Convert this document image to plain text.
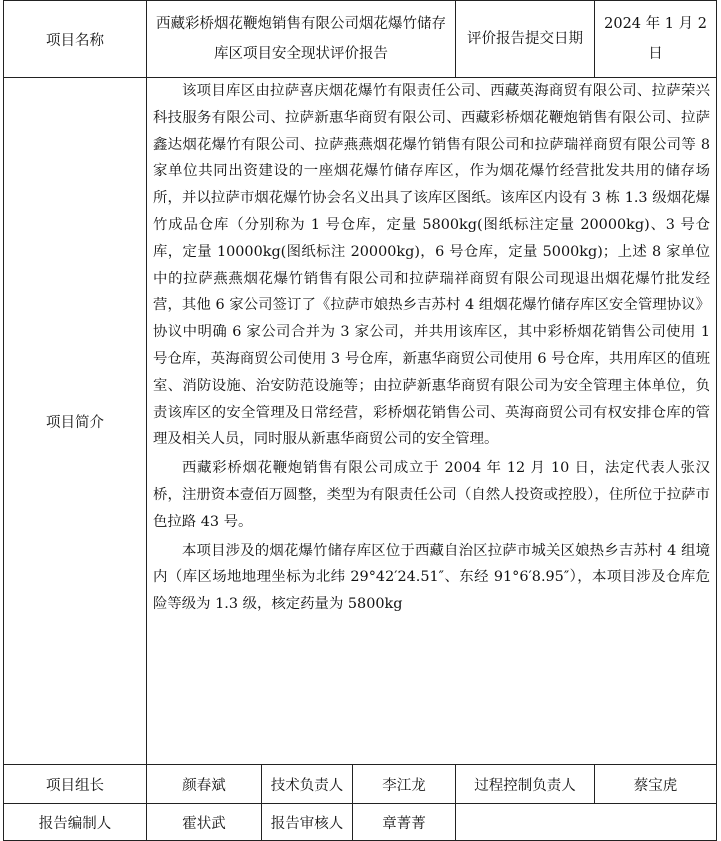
项目名称	西藏彩桥烟花鞭炮销售有限公司烟花爆竹储存库区项目安全现状评价报告			评价报告提交日期	2024 年 1 月 2 日
项目简介	该项目库区由拉萨喜庆烟花爆竹有限责任公司、西藏英海商贸有限公司、拉萨荣兴科技服务有限公司、拉萨新惠华商贸有限公司、西藏彩桥烟花鞭炮销售有限公司、拉萨鑫达烟花爆竹有限公司、拉萨燕燕烟花爆竹销售有限公司和拉萨瑞祥商贸有限公司等 8 家单位共同出资建设的一座烟花爆竹储存库区，作为烟花爆竹经营批发共用的储存场所，并以拉萨市烟花爆竹协会名义出具了该库区图纸。该库区内设有 3 栋 1.3 级烟花爆竹成品仓库（分别称为 1 号仓库，定量 5800kg(图纸标注定量 20000kg)、3 号仓库，定量 10000kg(图纸标注 20000kg)，6 号仓库，定量 5000kg)；上述 8 家单位中的拉萨燕燕烟花爆竹销售有限公司和拉萨瑞祥商贸有限公司现退出烟花爆竹批发经营，其他 6 家公司签订了《拉萨市娘热乡吉苏村 4 组烟花爆竹储存库区安全管理协议》协议中明确 6 家公司合并为 3 家公司，并共用该库区，其中彩桥烟花销售公司使用 1 号仓库，英海商贸公司使用 3 号仓库，新惠华商贸公司使用 6 号仓库，共用库区的值班室、消防设施、治安防范设施等；由拉萨新惠华商贸有限公司为安全管理主体单位，负责该库区的安全管理及日常经营，彩桥烟花销售公司、英海商贸公司有权安排仓库的管理及相关人员，同时服从新惠华商贸公司的安全管理。

西藏彩桥烟花鞭炮销售有限公司成立于 2004 年 12 月 10 日，法定代表人张汉桥，注册资本壹佰万圆整，类型为有限责任公司（自然人投资或控股），住所位于拉萨市色拉路 43 号。

本项目涉及的烟花爆竹储存库区位于西藏自治区拉萨市城关区娘热乡吉苏村 4 组境内（库区场地地理坐标为北纬 29°42′24.51″、东经 91°6′8.95″），本项目涉及仓库危险等级为 1.3 级，核定药量为 5800kg				

项目组长	颜春斌	技术负责人	李江龙	过程控制负责人	蔡宝虎
报告编制人	霍状武	报告审核人	章菁菁		
